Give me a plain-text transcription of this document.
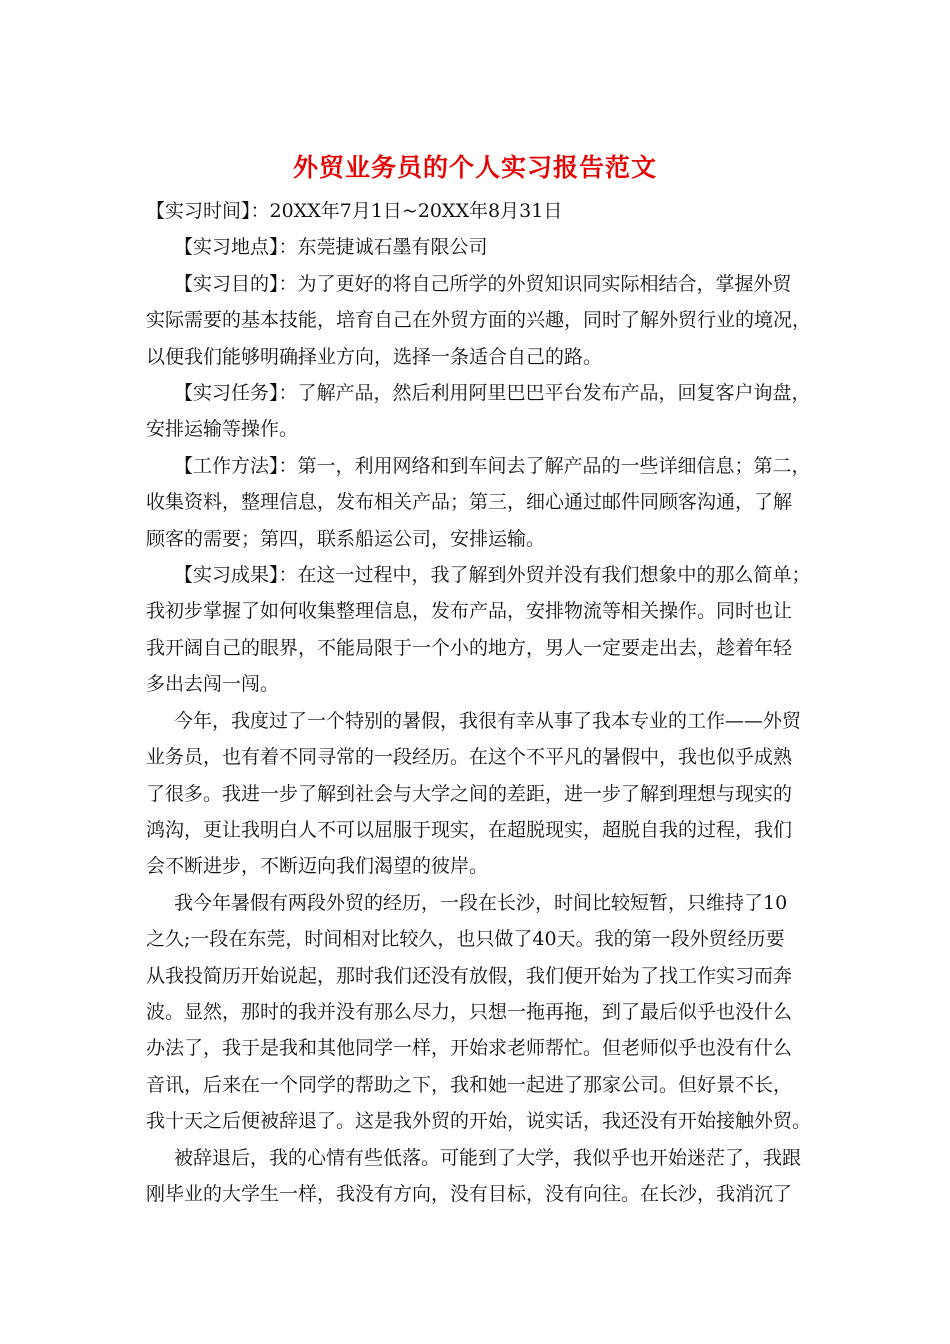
外贸业务员的个人实习报告范文

【实习时间】：20XX年7月1日~20XX年8月31日

【实习地点】：东莞捷诚石墨有限公司

【实习目的】：为了更好的将自己所学的外贸知识同实际相结合，掌握外贸

实际需要的基本技能，培育自己在外贸方面的兴趣，同时了解外贸行业的境况，

以便我们能够明确择业方向，选择一条适合自己的路。

【实习任务】：了解产品，然后利用阿里巴巴平台发布产品，回复客户询盘，

安排运输等操作。

【工作方法】：第一，利用网络和到车间去了解产品的一些详细信息；第二，

收集资料，整理信息，发布相关产品；第三，细心通过邮件同顾客沟通，了解

顾客的需要；第四，联系船运公司，安排运输。

【实习成果】：在这一过程中，我了解到外贸并没有我们想象中的那么简单；

我初步掌握了如何收集整理信息，发布产品，安排物流等相关操作。同时也让

我开阔自己的眼界，不能局限于一个小的地方，男人一定要走出去，趁着年轻

多出去闯一闯。

今年，我度过了一个特别的暑假，我很有幸从事了我本专业的工作——外贸

业务员，也有着不同寻常的一段经历。在这个不平凡的暑假中，我也似乎成熟

了很多。我进一步了解到社会与大学之间的差距，进一步了解到理想与现实的

鸿沟，更让我明白人不可以屈服于现实，在超脱现实，超脱自我的过程，我们

会不断进步，不断迈向我们渴望的彼岸。

我今年暑假有两段外贸的经历，一段在长沙，时间比较短暂，只维持了10

之久;一段在东莞，时间相对比较久，也只做了40天。我的第一段外贸经历要

从我投简历开始说起，那时我们还没有放假，我们便开始为了找工作实习而奔

波。显然，那时的我并没有那么尽力，只想一拖再拖，到了最后似乎也没什么

办法了，我于是我和其他同学一样，开始求老师帮忙。但老师似乎也没有什么

音讯，后来在一个同学的帮助之下，我和她一起进了那家公司。但好景不长，

我十天之后便被辞退了。这是我外贸的开始，说实话，我还没有开始接触外贸。

被辞退后，我的心情有些低落。可能到了大学，我似乎也开始迷茫了，我跟

刚毕业的大学生一样，我没有方向，没有目标，没有向往。在长沙，我消沉了
